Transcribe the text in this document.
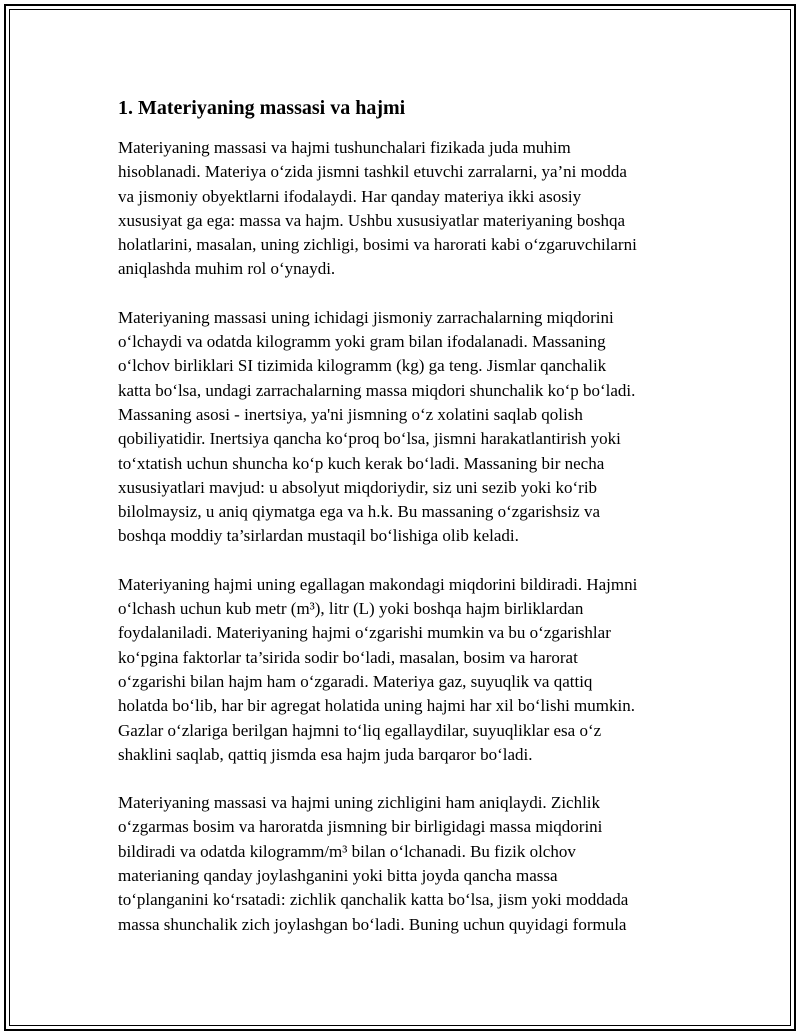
1. Materiyaning massasi va hajmi

Materiyaning massasi va hajmi tushunchalari fizikada juda muhim
hisoblanadi. Materiya o‘zida jismni tashkil etuvchi zarralarni, ya’ni modda
va jismoniy obyektlarni ifodalaydi. Har qanday materiya ikki asosiy
xususiyat ga ega: massa va hajm. Ushbu xususiyatlar materiyaning boshqa
holatlarini, masalan, uning zichligi, bosimi va harorati kabi o‘zgaruvchilarni
aniqlashda muhim rol o‘ynaydi.

Materiyaning massasi uning ichidagi jismoniy zarrachalarning miqdorini
o‘lchaydi va odatda kilogramm yoki gram bilan ifodalanadi. Massaning
o‘lchov birliklari SI tizimida kilogramm (kg) ga teng. Jismlar qanchalik
katta bo‘lsa, undagi zarrachalarning massa miqdori shunchalik ko‘p bo‘ladi.
Massaning asosi - inertsiya, ya'ni jismning o‘z xolatini saqlab qolish
qobiliyatidir. Inertsiya qancha ko‘proq bo‘lsa, jismni harakatlantirish yoki
to‘xtatish uchun shuncha ko‘p kuch kerak bo‘ladi. Massaning bir necha
xususiyatlari mavjud: u absolyut miqdoriydir, siz uni sezib yoki ko‘rib
bilolmaysiz, u aniq qiymatga ega va h.k. Bu massaning o‘zgarishsiz va
boshqa moddiy ta’sirlardan mustaqil bo‘lishiga olib keladi.

Materiyaning hajmi uning egallagan makondagi miqdorini bildiradi. Hajmni
o‘lchash uchun kub metr (m³), litr (L) yoki boshqa hajm birliklardan
foydalaniladi. Materiyaning hajmi o‘zgarishi mumkin va bu o‘zgarishlar
ko‘pgina faktorlar ta’sirida sodir bo‘ladi, masalan, bosim va harorat
o‘zgarishi bilan hajm ham o‘zgaradi. Materiya gaz, suyuqlik va qattiq
holatda bo‘lib, har bir agregat holatida uning hajmi har xil bo‘lishi mumkin.
Gazlar o‘zlariga berilgan hajmni to‘liq egallaydilar, suyuqliklar esa o‘z
shaklini saqlab, qattiq jismda esa hajm juda barqaror bo‘ladi.

Materiyaning massasi va hajmi uning zichligini ham aniqlaydi. Zichlik
o‘zgarmas bosim va haroratda jismning bir birligidagi massa miqdorini
bildiradi va odatda kilogramm/m³ bilan o‘lchanadi. Bu fizik olchov
materianing qanday joylashganini yoki bitta joyda qancha massa
to‘planganini ko‘rsatadi: zichlik qanchalik katta bo‘lsa, jism yoki moddada
massa shunchalik zich joylashgan bo‘ladi. Buning uchun quyidagi formula
